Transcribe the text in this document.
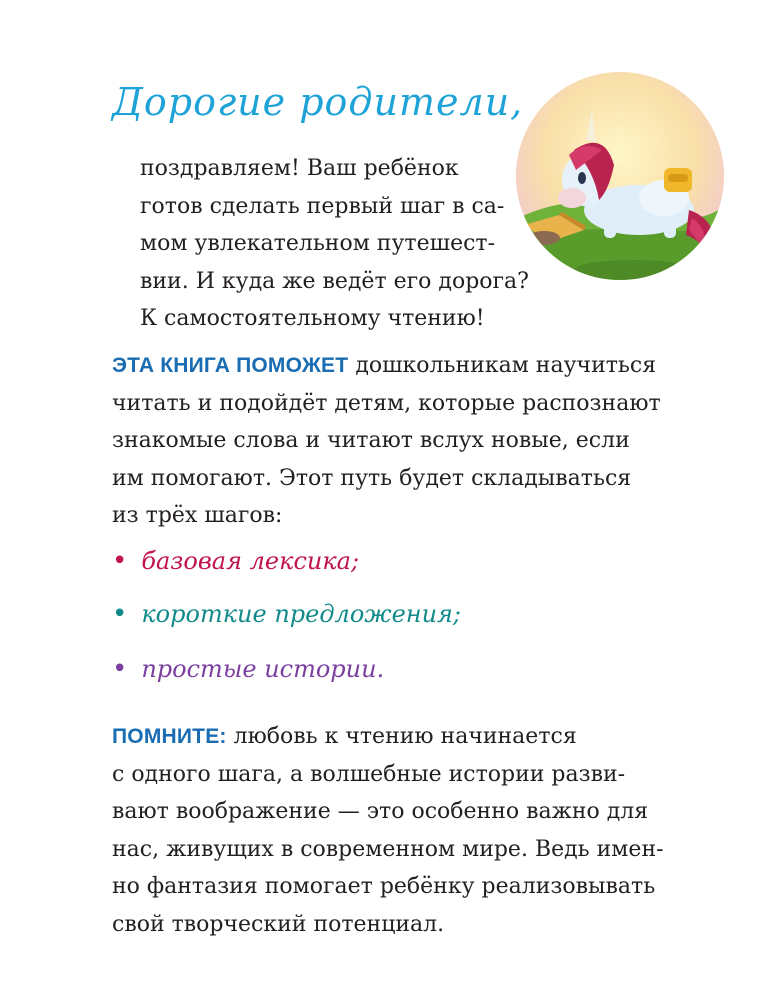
Дорогие родители,
поздравляем! Ваш ребёнок
готов сделать первый шаг в са-
мом увлекательном путешест-
вии. И куда же ведёт его дорога?
К самостоятельному чтению!
ЭТА КНИГА ПОМОЖЕТ дошкольникам научиться
читать и подойдёт детям, которые распознают
знакомые слова и читают вслух новые, если
им помогают. Этот путь будет складываться
из трёх шагов:
• базовая лексика;
• короткие предложения;
• простые истории.
ПОМНИТЕ: любовь к чтению начинается
с одного шага, а волшебные истории разви-
вают воображение — это особенно важно для
нас, живущих в современном мире. Ведь имен-
но фантазия помогает ребёнку реализовывать
свой творческий потенциал.
